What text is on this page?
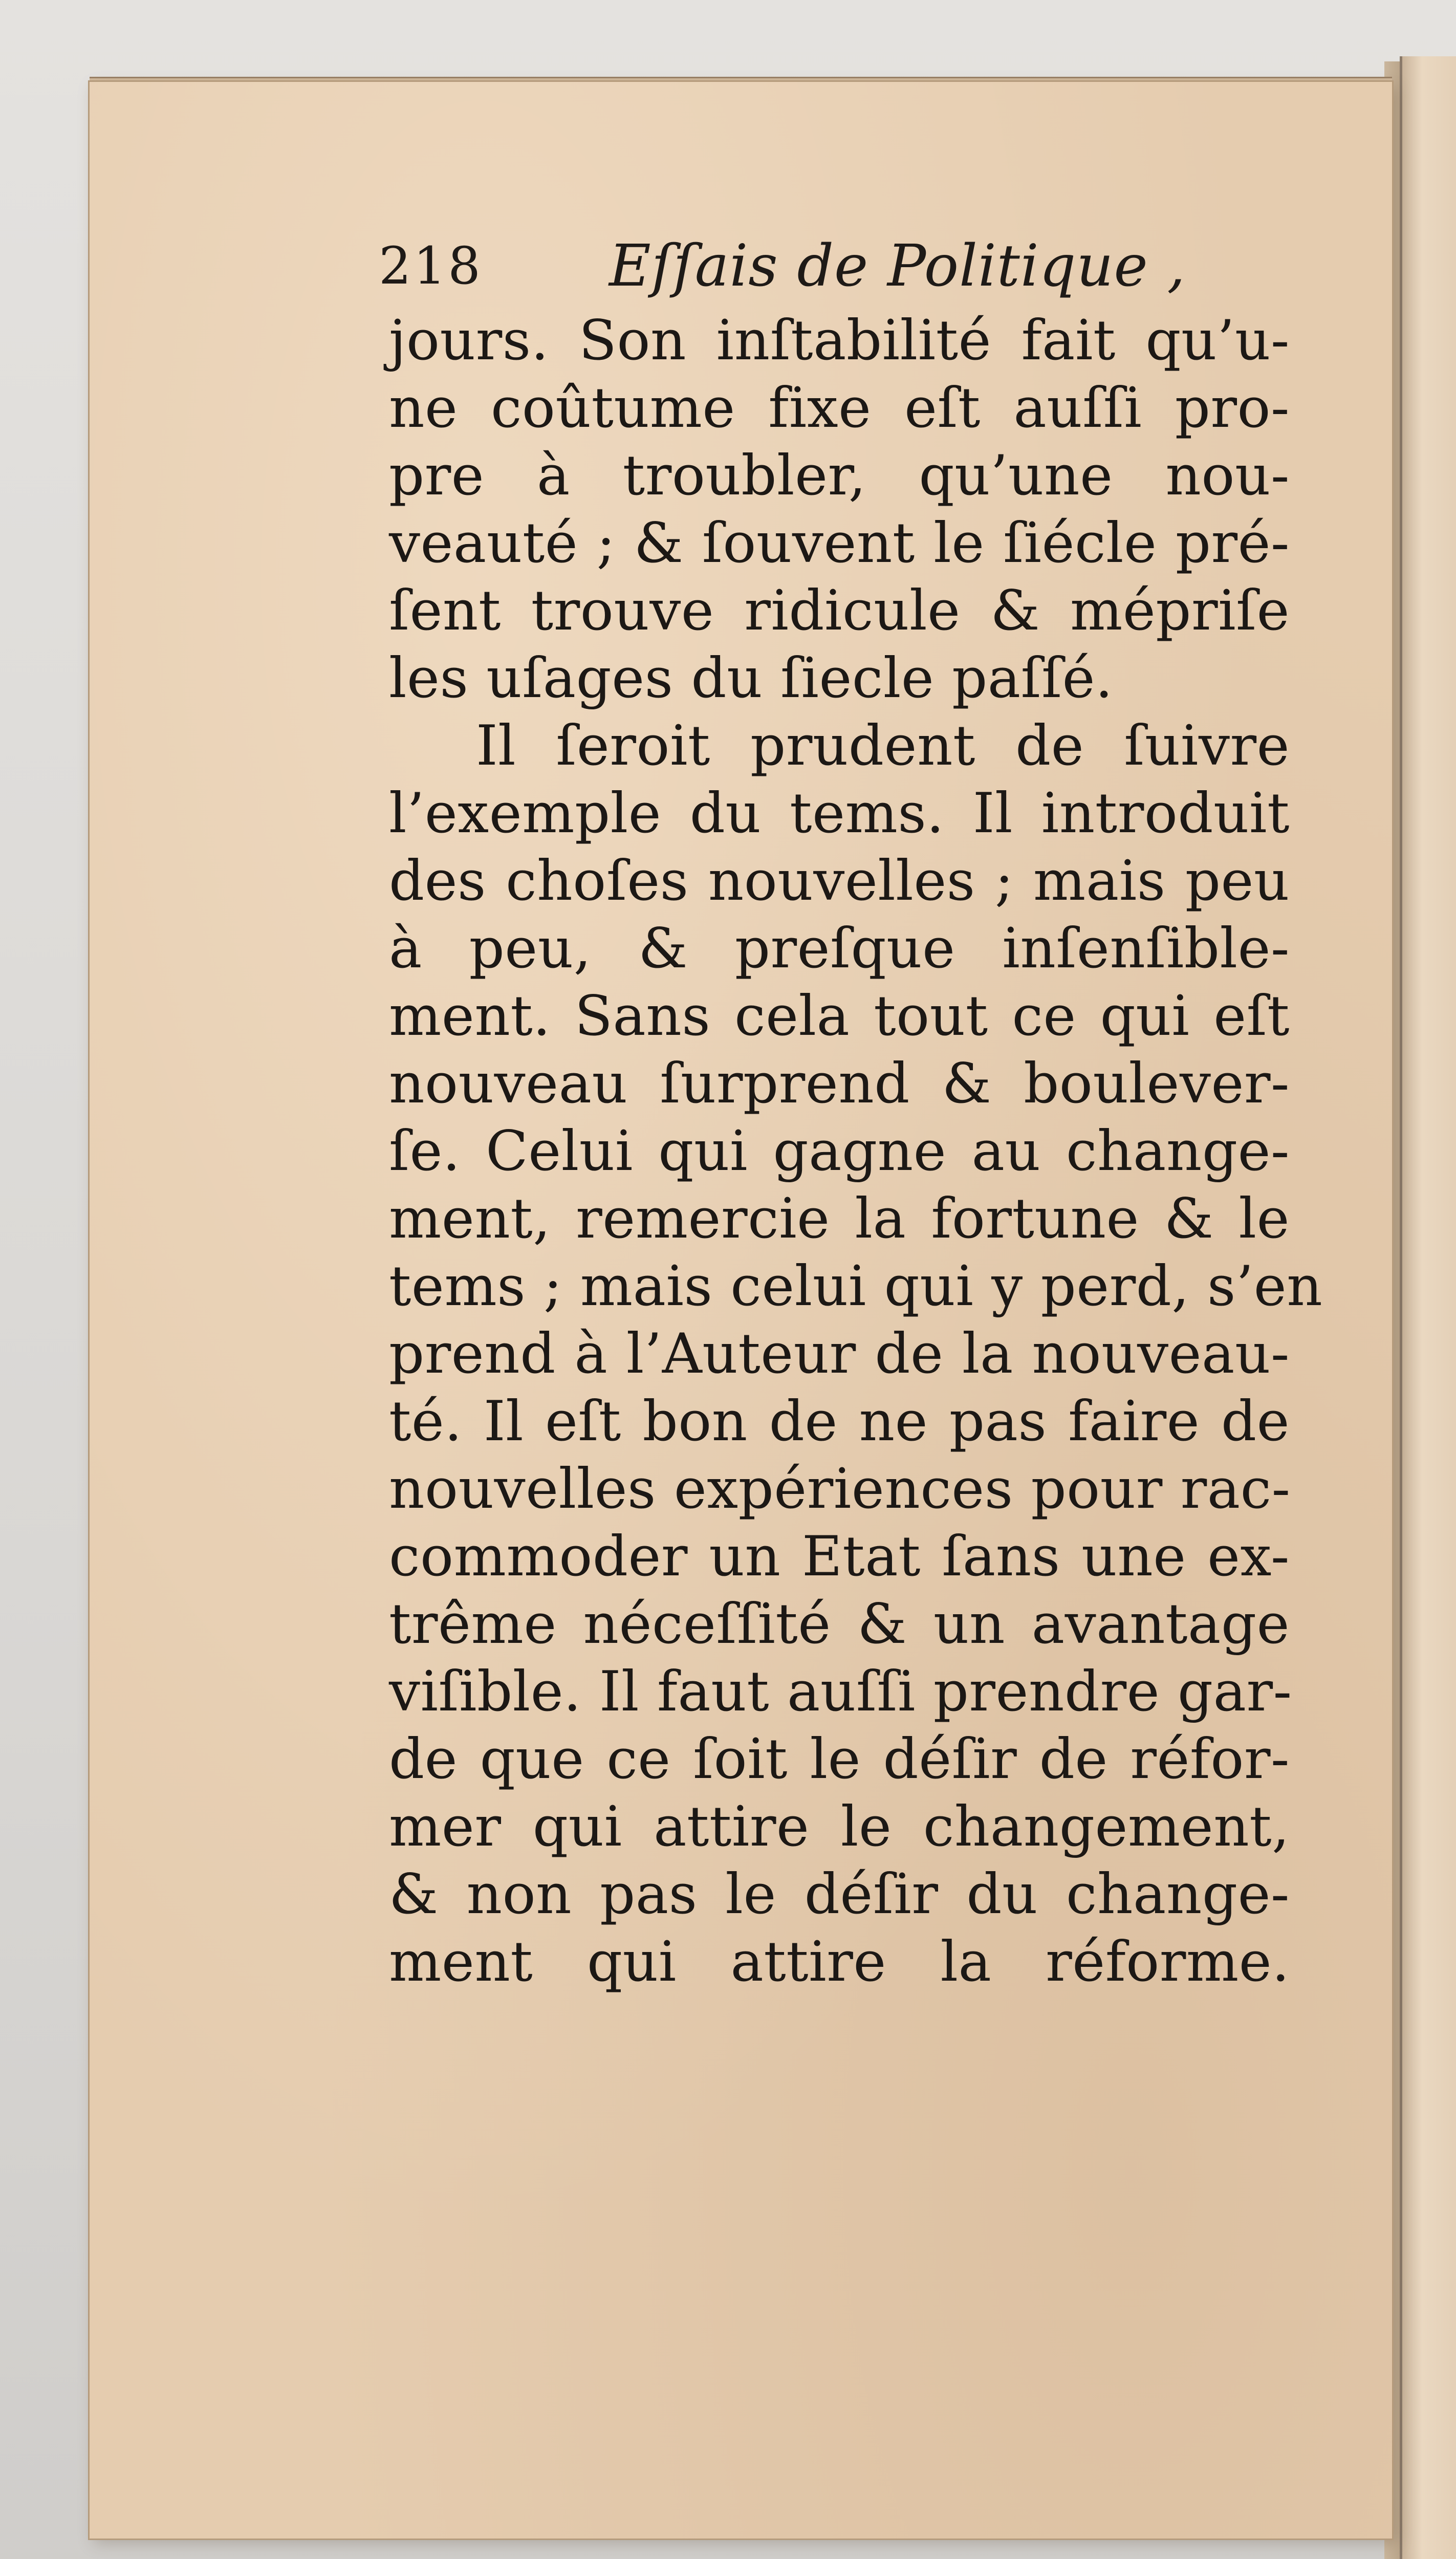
218 Eſſais de Politique ,
jours. Son inſtabilité fait qu’u-
ne coûtume fixe eſt auſſi pro-
pre à troubler, qu’une nou-
veauté ; & ſouvent le ſiécle pré-
ſent trouve ridicule & mépriſe
les uſages du ſiecle paſſé.
Il ſeroit prudent de ſuivre
l’exemple du tems. Il introduit
des choſes nouvelles ; mais peu
à peu, & preſque inſenſible-
ment. Sans cela tout ce qui eſt
nouveau ſurprend & boulever-
ſe. Celui qui gagne au change-
ment, remercie la fortune & le
tems ; mais celui qui y perd, s’en
prend à l’Auteur de la nouveau-
té. Il eſt bon de ne pas faire de
nouvelles expériences pour rac-
commoder un Etat ſans une ex-
trême néceſſité & un avantage
viſible. Il faut auſſi prendre gar-
de que ce ſoit le déſir de réfor-
mer qui attire le changement,
& non pas le déſir du change-
ment qui attire la réforme.
